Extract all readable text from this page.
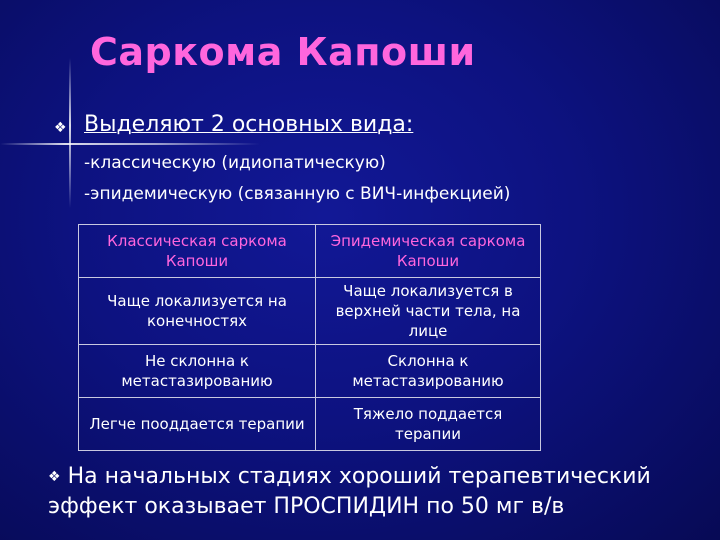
Саркома Капоши
❖ Выделяют 2 основных вида:
-классическую (идиопатическую)
-эпидемическую (связанную с ВИЧ-инфекцией)
Классическая саркома Капоши	Эпидемическая саркома Капоши
Чаще локализуется на конечностях	Чаще локализуется в верхней части тела, на лице
Не склонна к метастазированию	Склонна к метастазированию
Легче пооддается терапии	Тяжело поддается терапии
❖ На начальных стадиях хороший терапевтический эффект оказывает ПРОСПИДИН по 50 мг в/в
